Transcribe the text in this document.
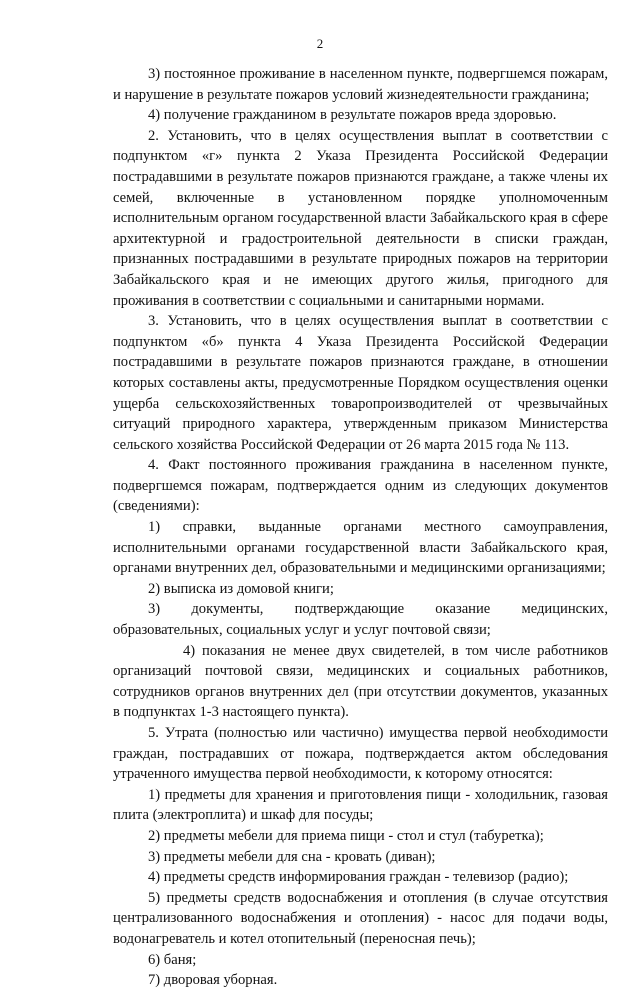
2

3) постоянное проживание в населенном пункте, подвергшемся пожарам, и нарушение в результате пожаров условий жизнедеятельности гражданина;

4) получение гражданином в результате пожаров вреда здоровью.

2. Установить, что в целях осуществления выплат в соответствии с подпунктом «г» пункта 2 Указа Президента Российской Федерации пострадавшими в результате пожаров признаются граждане, а также члены их семей, включенные в установленном порядке уполномоченным исполнительным органом государственной власти Забайкальского края в сфере архитектурной и градостроительной деятельности в списки граждан, признанных пострадавшими в результате природных пожаров на территории Забайкальского края и не имеющих другого жилья, пригодного для проживания в соответствии с социальными и санитарными нормами.

3. Установить, что в целях осуществления выплат в соответствии с подпунктом «б» пункта 4 Указа Президента Российской Федерации пострадавшими в результате пожаров признаются граждане, в отношении которых составлены акты, предусмотренные Порядком осуществления оценки ущерба сельскохозяйственных товаропроизводителей от чрезвычайных ситуаций природного характера, утвержденным приказом Министерства сельского хозяйства Российской Федерации от 26 марта 2015 года № 113.

4. Факт постоянного проживания гражданина в населенном пункте, подвергшемся пожарам, подтверждается одним из следующих документов (сведениями):

1) справки, выданные органами местного самоуправления, исполнительными органами государственной власти Забайкальского края, органами внутренних дел, образовательными и медицинскими организациями;

2) выписка из домовой книги;

3) документы, подтверждающие оказание медицинских, образовательных, социальных услуг и услуг почтовой связи;

4) показания не менее двух свидетелей, в том числе работников организаций почтовой связи, медицинских и социальных работников, сотрудников органов внутренних дел (при отсутствии документов, указанных в подпунктах 1-3 настоящего пункта).

5. Утрата (полностью или частично) имущества первой необходимости граждан, пострадавших от пожара, подтверждается актом обследования утраченного имущества первой необходимости, к которому относятся:

1) предметы для хранения и приготовления пищи - холодильник, газовая плита (электроплита) и шкаф для посуды;

2) предметы мебели для приема пищи - стол и стул (табуретка);

3) предметы мебели для сна - кровать (диван);

4) предметы средств информирования граждан - телевизор (радио);

5) предметы средств водоснабжения и отопления (в случае отсутствия централизованного водоснабжения и отопления) - насос для подачи воды, водонагреватель и котел отопительный (переносная печь);

6) баня;

7) дворовая уборная.
